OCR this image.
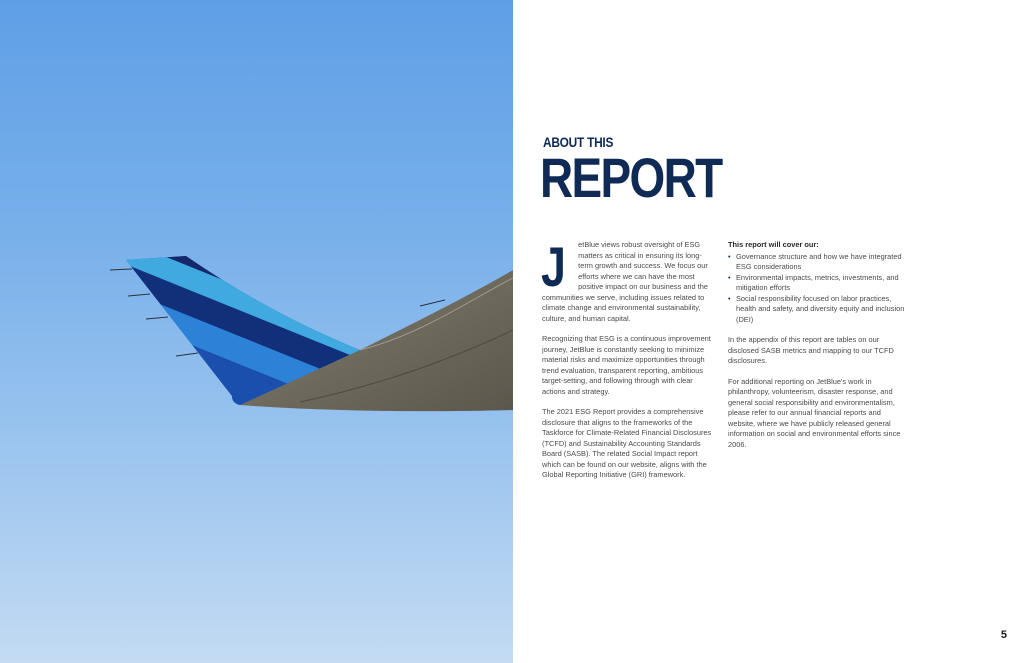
ABOUT THIS
REPORT

J etBlue views robust oversight of ESG matters as critical in ensuring its long-term growth and success. We focus our efforts where we can have the most positive impact on our business and the communities we serve, including issues related to climate change and environmental sustainability, culture, and human capital.

Recognizing that ESG is a continuous improvement journey, JetBlue is constantly seeking to minimize material risks and maximize opportunities through trend evaluation, transparent reporting, ambitious target-setting, and following through with clear actions and strategy.

The 2021 ESG Report provides a comprehensive disclosure that aligns to the frameworks of the Taskforce for Climate-Related Financial Disclosures (TCFD) and Sustainability Accounting Standards Board (SASB). The related Social Impact report which can be found on our website, aligns with the Global Reporting Initiative (GRI) framework.

This report will cover our:
• Governance structure and how we have integrated ESG considerations
• Environmental impacts, metrics, investments, and mitigation efforts
• Social responsibility focused on labor practices, health and safety, and diversity equity and inclusion (DEI)

In the appendix of this report are tables on our disclosed SASB metrics and mapping to our TCFD disclosures.

For additional reporting on JetBlue's work in philanthropy, volunteerism, disaster response, and general social responsibility and environmentalism, please refer to our annual financial reports and website, where we have publicly released general information on social and environmental efforts since 2006.

5
